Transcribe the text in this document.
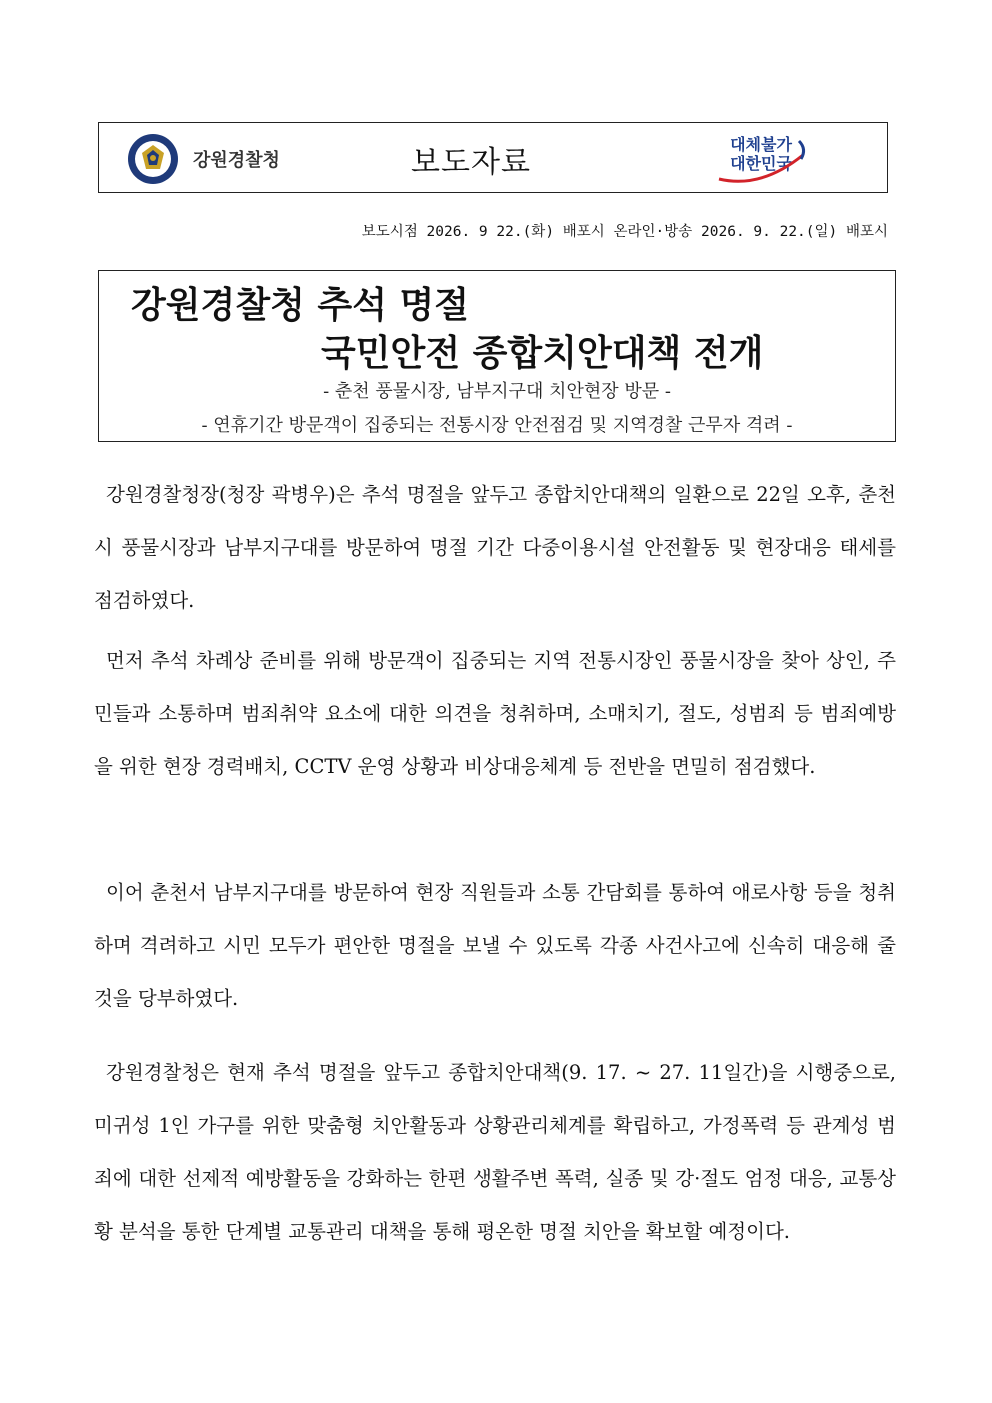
강원경찰청	보도자료
대체불가
대한민국
보도시점 2026. 9 22.(화) 배포시 온라인·방송 2026. 9. 22.(일) 배포시
강원경찰청 추석 명절
국민안전 종합치안대책 전개
- 춘천 풍물시장, 남부지구대 치안현장 방문 -
- 연휴기간 방문객이 집중되는 전통시장 안전점검 및 지역경찰 근무자 격려 -

강원경찰청장(청장 곽병우)은 추석 명절을 앞두고 종합치안대책의 일환으로 22일 오후, 춘천시 풍물시장과 남부지구대를 방문하여 명절 기간 다중이용시설 안전활동 및 현장대응 태세를 점검하였다.

먼저 추석 차례상 준비를 위해 방문객이 집중되는 지역 전통시장인 풍물시장을 찾아 상인, 주민들과 소통하며 범죄취약 요소에 대한 의견을 청취하며, 소매치기, 절도, 성범죄 등 범죄예방을 위한 현장 경력배치, CCTV 운영 상황과 비상대응체계 등 전반을 면밀히 점검했다.

이어 춘천서 남부지구대를 방문하여 현장 직원들과 소통 간담회를 통하여 애로사항 등을 청취하며 격려하고 시민 모두가 편안한 명절을 보낼 수 있도록 각종 사건사고에 신속히 대응해 줄 것을 당부하였다.

강원경찰청은 현재 추석 명절을 앞두고 종합치안대책(9. 17. ~ 27. 11일간)을 시행중으로, 미귀성 1인 가구를 위한 맞춤형 치안활동과 상황관리체계를 확립하고, 가정폭력 등 관계성 범죄에 대한 선제적 예방활동을 강화하는 한편 생활주변 폭력, 실종 및 강·절도 엄정 대응, 교통상황 분석을 통한 단계별 교통관리 대책을 통해 평온한 명절 치안을 확보할 예정이다.
